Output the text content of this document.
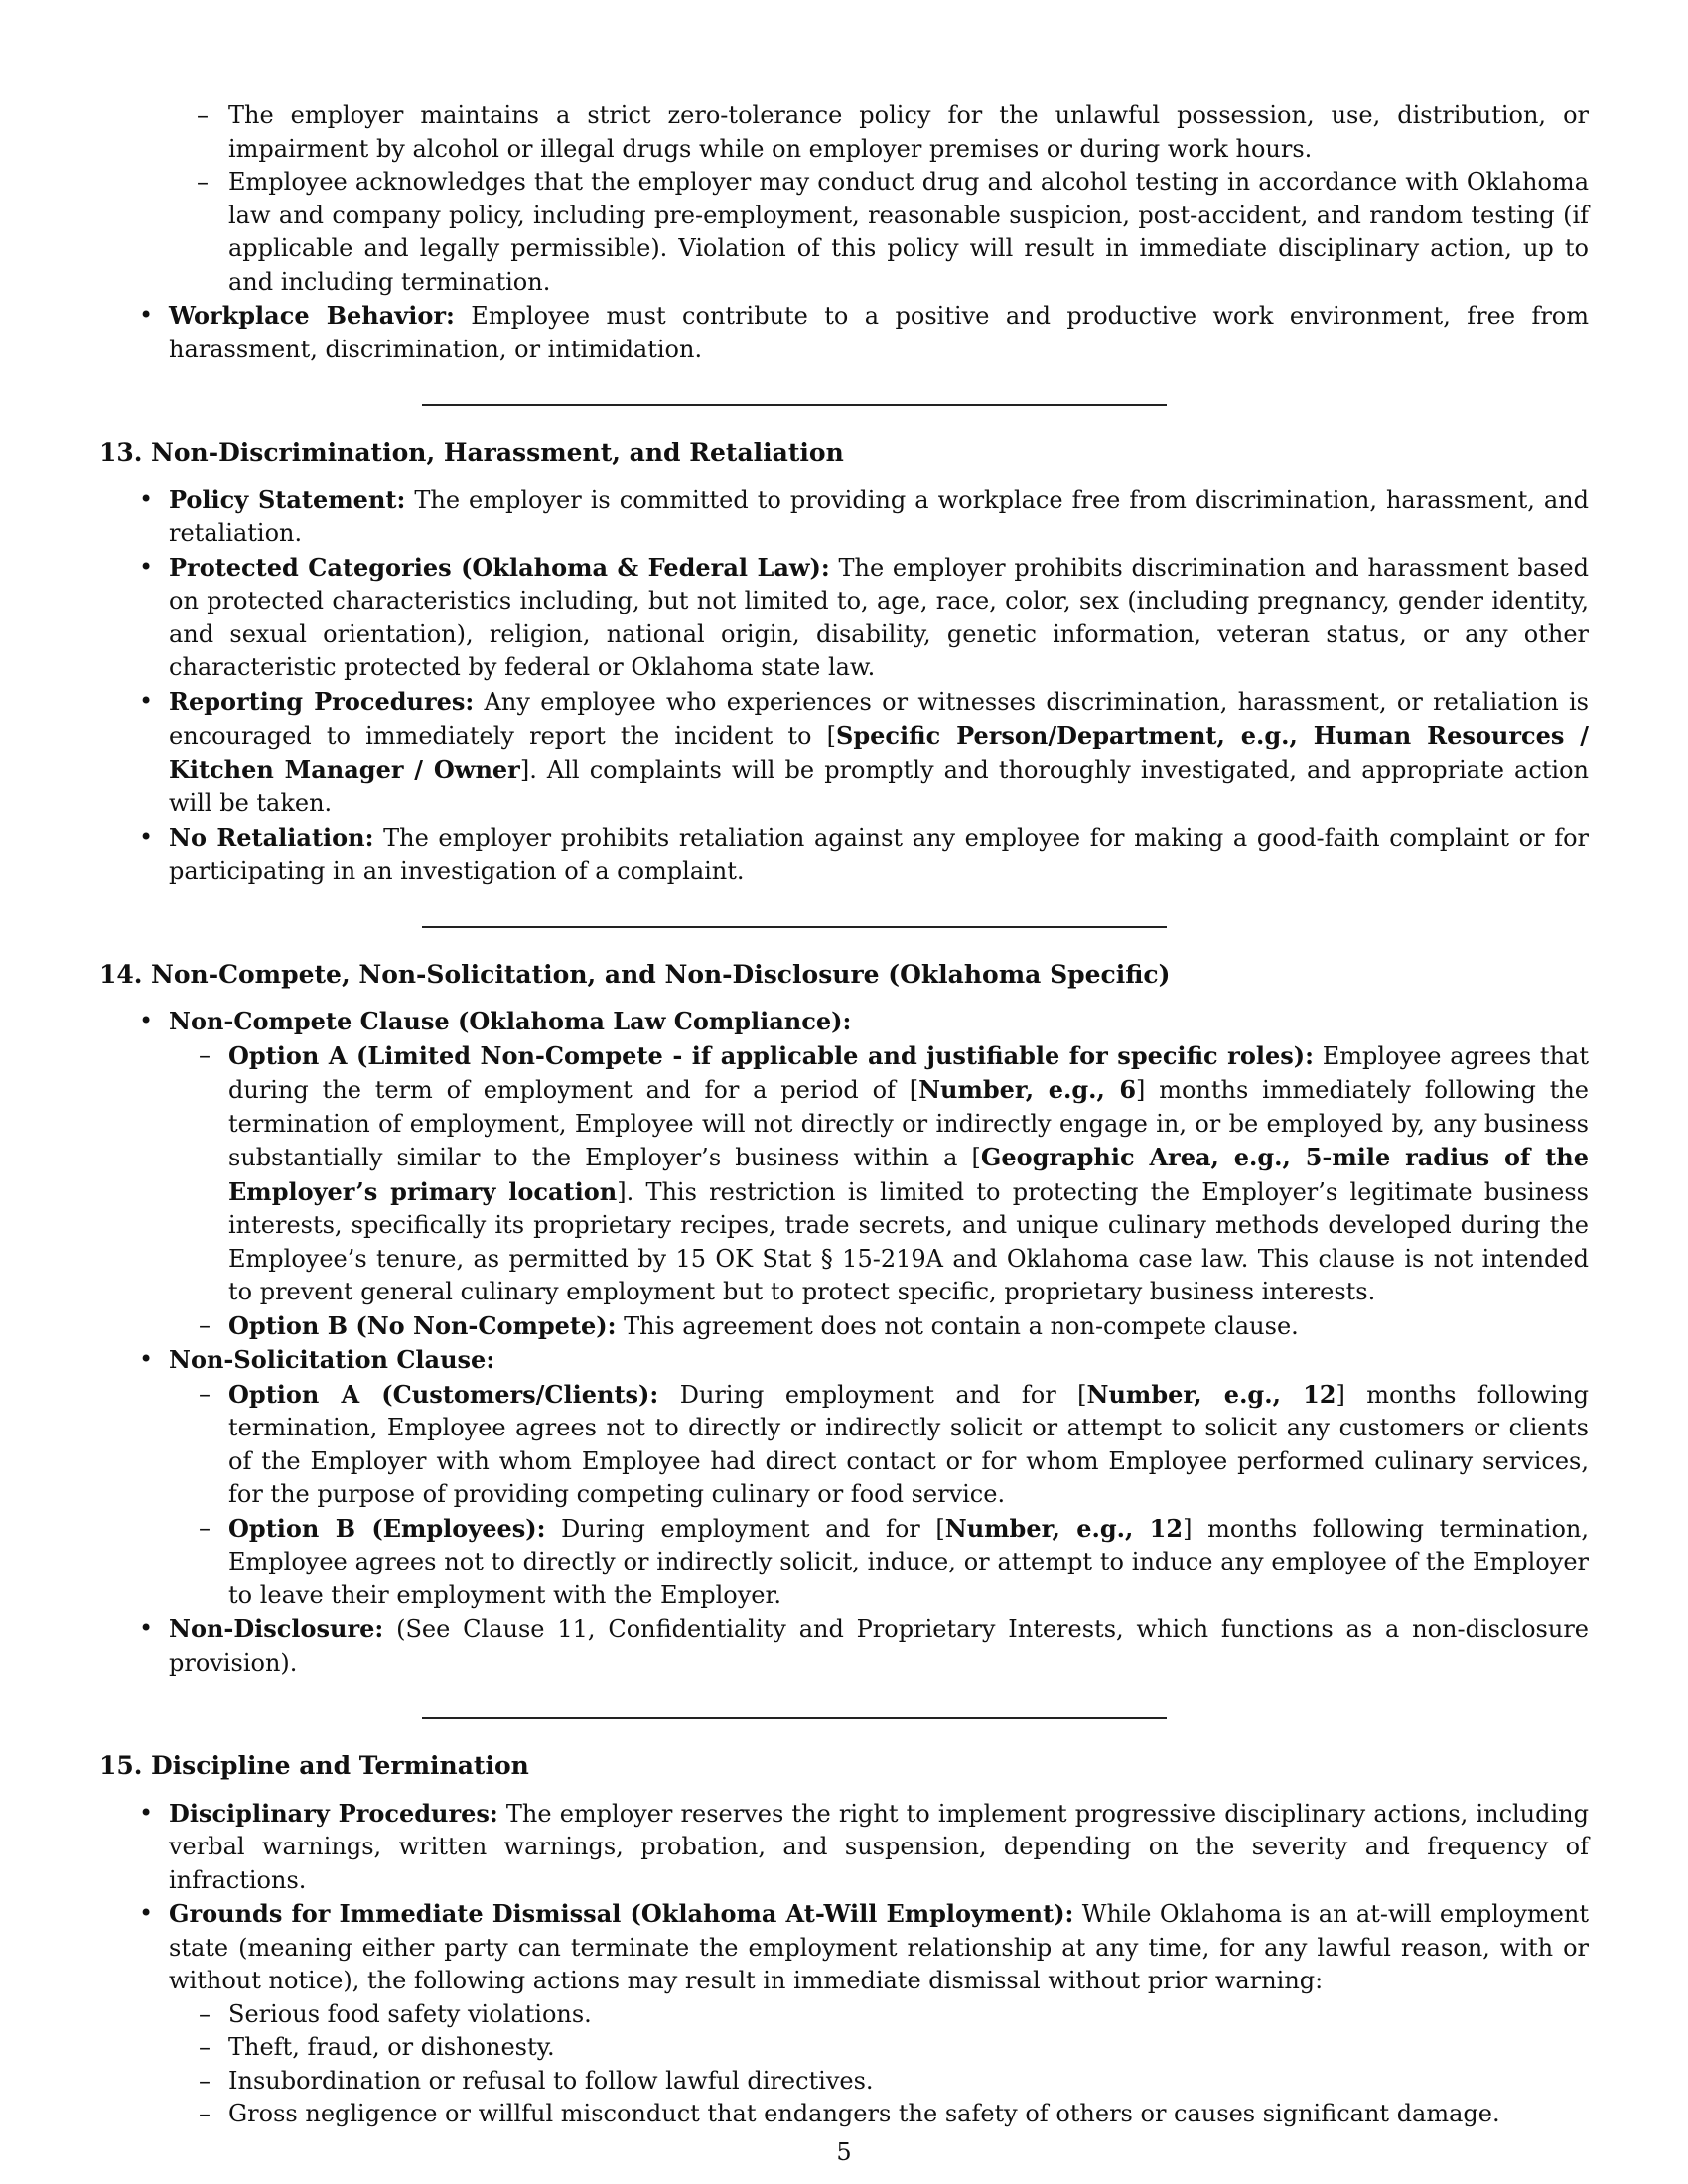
– The employer maintains a strict zero-tolerance policy for the unlawful possession, use, distribution, or impairment by alcohol or illegal drugs while on employer premises or during work hours.
– Employee acknowledges that the employer may conduct drug and alcohol testing in accordance with Oklahoma law and company policy, including pre-employment, reasonable suspicion, post-accident, and random testing (if applicable and legally permissible). Violation of this policy will result in immediate disciplinary action, up to and including termination.
• Workplace Behavior: Employee must contribute to a positive and productive work environment, free from harassment, discrimination, or intimidation.
13. Non-Discrimination, Harassment, and Retaliation
• Policy Statement: The employer is committed to providing a workplace free from discrimination, harassment, and retaliation.
• Protected Categories (Oklahoma & Federal Law): The employer prohibits discrimination and harassment based on protected characteristics including, but not limited to, age, race, color, sex (including pregnancy, gender identity, and sexual orientation), religion, national origin, disability, genetic information, veteran status, or any other characteristic protected by federal or Oklahoma state law.
• Reporting Procedures: Any employee who experiences or witnesses discrimination, harassment, or retaliation is encouraged to immediately report the incident to [Specific Person/Department, e.g., Human Resources / Kitchen Manager / Owner]. All complaints will be promptly and thoroughly investigated, and appropriate action will be taken.
• No Retaliation: The employer prohibits retaliation against any employee for making a good-faith complaint or for participating in an investigation of a complaint.
14. Non-Compete, Non-Solicitation, and Non-Disclosure (Oklahoma Specific)
• Non-Compete Clause (Oklahoma Law Compliance):
– Option A (Limited Non-Compete - if applicable and justifiable for specific roles): Employee agrees that during the term of employment and for a period of [Number, e.g., 6] months immediately following the termination of employment, Employee will not directly or indirectly engage in, or be employed by, any business substantially similar to the Employer’s business within a [Geographic Area, e.g., 5-mile radius of the Employer’s primary location]. This restriction is limited to protecting the Employer’s legitimate business interests, specifically its proprietary recipes, trade secrets, and unique culinary methods developed during the Employee’s tenure, as permitted by 15 OK Stat § 15-219A and Oklahoma case law. This clause is not intended to prevent general culinary employment but to protect specific, proprietary business interests.
– Option B (No Non-Compete): This agreement does not contain a non-compete clause.
• Non-Solicitation Clause:
– Option A (Customers/Clients): During employment and for [Number, e.g., 12] months following termination, Employee agrees not to directly or indirectly solicit or attempt to solicit any customers or clients of the Employer with whom Employee had direct contact or for whom Employee performed culinary services, for the purpose of providing competing culinary or food service.
– Option B (Employees): During employment and for [Number, e.g., 12] months following termination, Employee agrees not to directly or indirectly solicit, induce, or attempt to induce any employee of the Employer to leave their employment with the Employer.
• Non-Disclosure: (See Clause 11, Confidentiality and Proprietary Interests, which functions as a non-disclosure provision).
15. Discipline and Termination
• Disciplinary Procedures: The employer reserves the right to implement progressive disciplinary actions, including verbal warnings, written warnings, probation, and suspension, depending on the severity and frequency of infractions.
• Grounds for Immediate Dismissal (Oklahoma At-Will Employment): While Oklahoma is an at-will employment state (meaning either party can terminate the employment relationship at any time, for any lawful reason, with or without notice), the following actions may result in immediate dismissal without prior warning:
– Serious food safety violations.
– Theft, fraud, or dishonesty.
– Insubordination or refusal to follow lawful directives.
– Gross negligence or willful misconduct that endangers the safety of others or causes significant damage.
5
